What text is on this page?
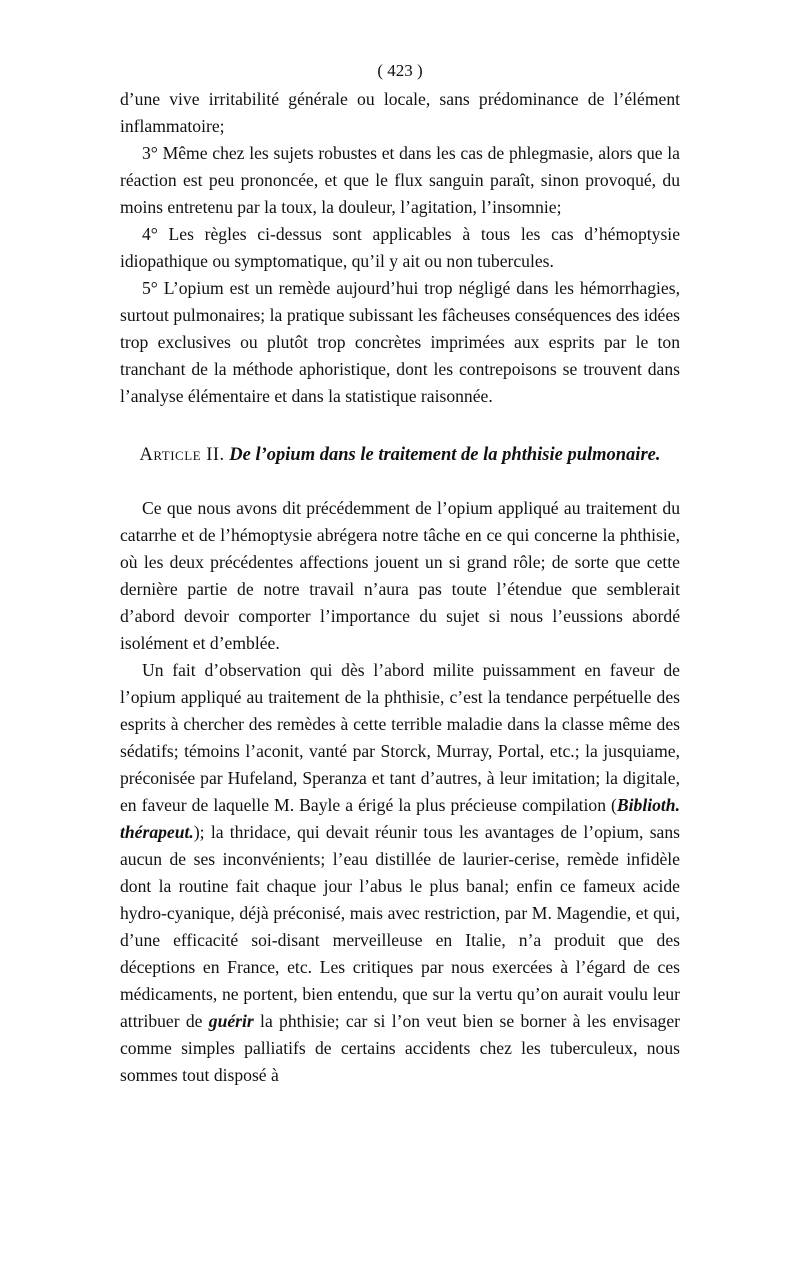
( 423 )

d’une vive irritabilité générale ou locale, sans prédominance de l’élément inflammatoire;

3° Même chez les sujets robustes et dans les cas de phlegmasie, alors que la réaction est peu prononcée, et que le flux sanguin paraît, sinon provoqué, du moins entretenu par la toux, la douleur, l’agitation, l’insomnie;

4° Les règles ci-dessus sont applicables à tous les cas d’hémoptysie idiopathique ou symptomatique, qu’il y ait ou non tubercules.

5° L’opium est un remède aujourd’hui trop négligé dans les hémorrhagies, surtout pulmonaires; la pratique subissant les fâcheuses conséquences des idées trop exclusives ou plutôt trop concrètes imprimées aux esprits par le ton tranchant de la méthode aphoristique, dont les contrepoisons se trouvent dans l’analyse élémentaire et dans la statistique raisonnée.

Article II. De l’opium dans le traitement de la phthisie pulmonaire.

Ce que nous avons dit précédemment de l’opium appliqué au traitement du catarrhe et de l’hémoptysie abrégera notre tâche en ce qui concerne la phthisie, où les deux précédentes affections jouent un si grand rôle; de sorte que cette dernière partie de notre travail n’aura pas toute l’étendue que semblerait d’abord devoir comporter l’importance du sujet si nous l’eussions abordé isolément et d’emblée.

Un fait d’observation qui dès l’abord milite puissamment en faveur de l’opium appliqué au traitement de la phthisie, c’est la tendance perpétuelle des esprits à chercher des remèdes à cette terrible maladie dans la classe même des sédatifs; témoins l’aconit, vanté par Storck, Murray, Portal, etc.; la jusquiame, préconisée par Hufeland, Speranza et tant d’autres, à leur imitation; la digitale, en faveur de laquelle M. Bayle a érigé la plus précieuse compilation (Biblioth. thérapeut.); la thridace, qui devait réunir tous les avantages de l’opium, sans aucun de ses inconvénients; l’eau distillée de laurier-cerise, remède infidèle dont la routine fait chaque jour l’abus le plus banal; enfin ce fameux acide hydro-cyanique, déjà préconisé, mais avec restriction, par M. Magendie, et qui, d’une efficacité soi-disant merveilleuse en Italie, n’a produit que des déceptions en France, etc. Les critiques par nous exercées à l’égard de ces médicaments, ne portent, bien entendu, que sur la vertu qu’on aurait voulu leur attribuer de guérir la phthisie; car si l’on veut bien se borner à les envisager comme simples palliatifs de certains accidents chez les tuberculeux, nous sommes tout disposé à
